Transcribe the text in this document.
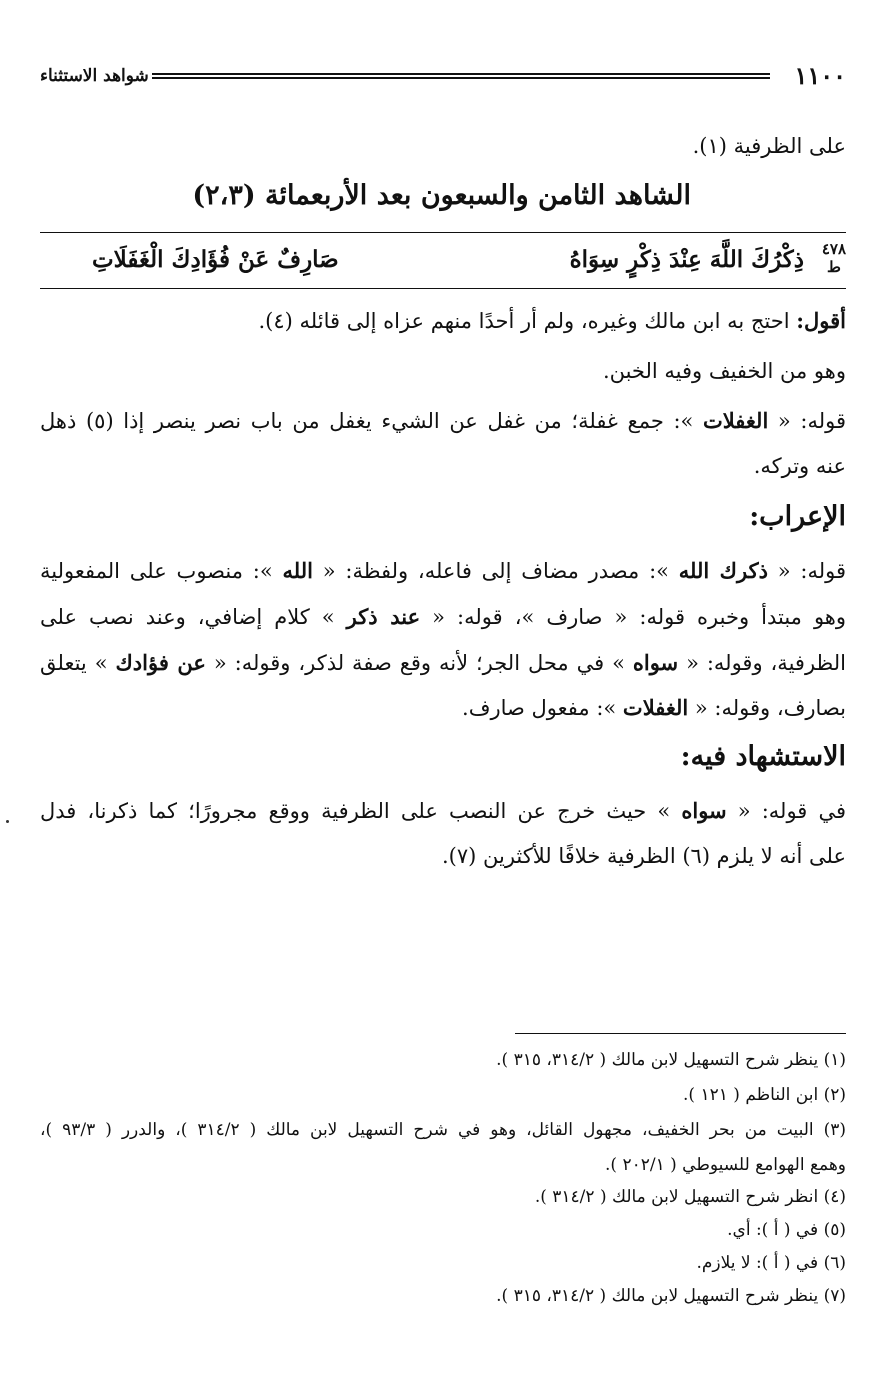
١١٠٠
شواهد الاستثناء
على الظرفية (١).
الشاهد الثامن والسبعون بعد الأربعمائة (٢،٣)
٤٧٨
ط
ذِكْرُكَ اللَّهَ عِنْدَ ذِكْرٍ سِوَاهُ
صَارِفٌ عَنْ فُؤَادِكَ الْغَفَلَاتِ
أقول: احتج به ابن مالك وغيره، ولم أر أحدًا منهم عزاه إلى قائله (٤).
وهو من الخفيف وفيه الخبن.
قوله: « الغفلات »: جمع غفلة؛ من غفل عن الشيء يغفل من باب نصر ينصر إذا (٥) ذهل
عنه وتركه.
الإعراب:
قوله: « ذكرك الله »: مصدر مضاف إلى فاعله، ولفظة: « الله »: منصوب على المفعولية
وهو مبتدأ وخبره قوله: « صارف »، قوله: « عند ذكر » كلام إضافي، وعند نصب على
الظرفية، وقوله: « سواه » في محل الجر؛ لأنه وقع صفة لذكر، وقوله: « عن فؤادك » يتعلق
بصارف، وقوله: « الغفلات »: مفعول صارف.
الاستشهاد فيه:
في قوله: « سواه » حيث خرج عن النصب على الظرفية ووقع مجرورًا؛ كما ذكرنا، فدل
على أنه لا يلزم (٦) الظرفية خلافًا للأكثرين (٧).
(١) ينظر شرح التسهيل لابن مالك ( ٣١٤/٢، ٣١٥ ).
(٢) ابن الناظم ( ١٢١ ).
(٣) البيت من بحر الخفيف، مجهول القائل، وهو في شرح التسهيل لابن مالك ( ٣١٤/٢ )، والدرر ( ٩٣/٣ )،
وهمع الهوامع للسيوطي ( ٢٠٢/١ ).
(٤) انظر شرح التسهيل لابن مالك ( ٣١٤/٢ ).
(٥) في ( أ ): أي.
(٦) في ( أ ): لا يلازم.
(٧) ينظر شرح التسهيل لابن مالك ( ٣١٤/٢، ٣١٥ ).
